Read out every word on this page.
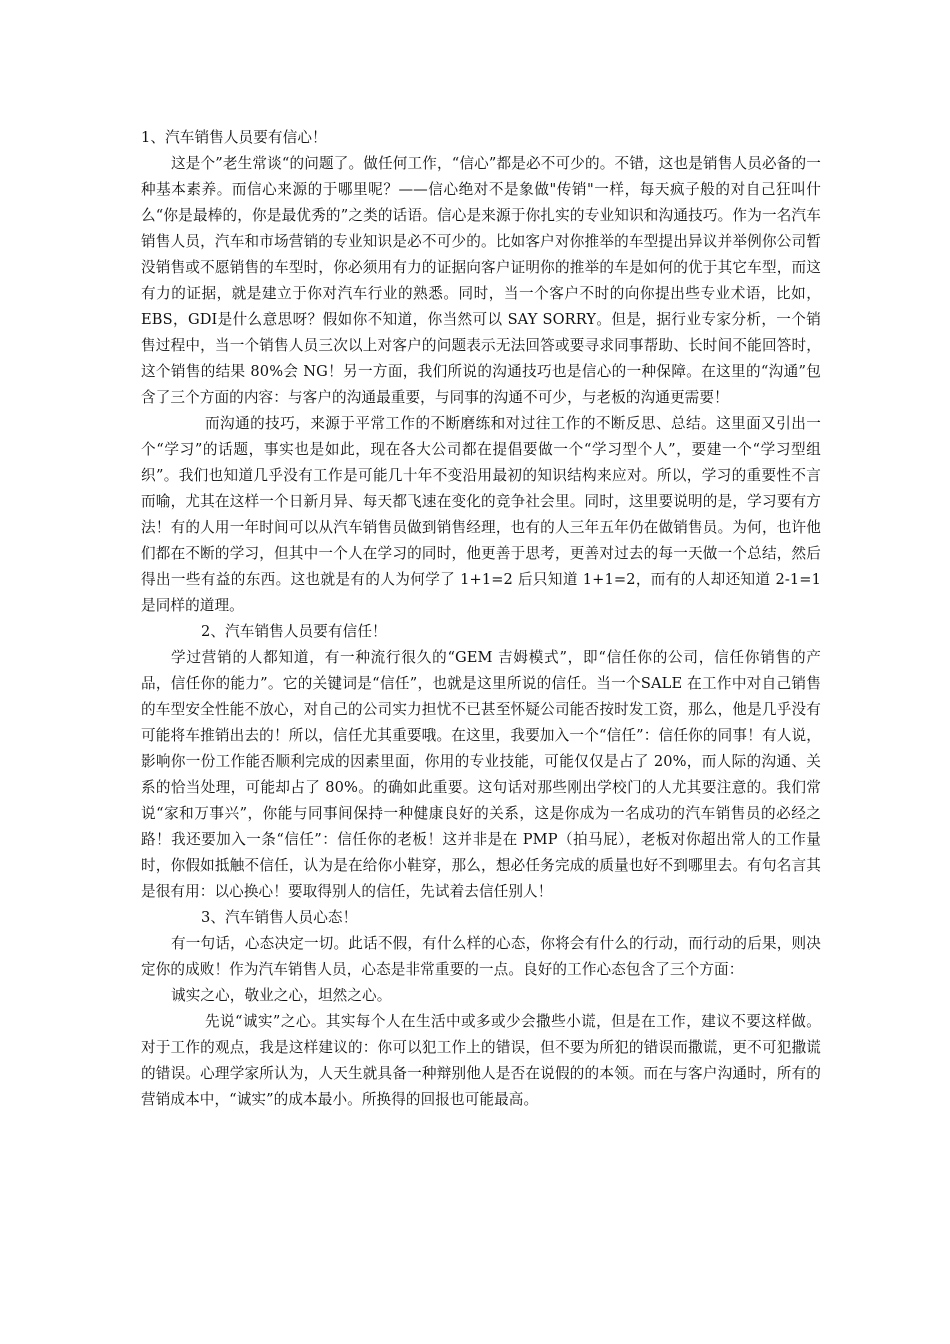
1、汽车销售人员要有信心！

这是个”老生常谈“的问题了。做任何工作，“信心”都是必不可少的。不错，这也是销售人员必备的一种基本素养。而信心来源的于哪里呢？——信心绝对不是象做"传销"一样，每天疯子般的对自己狂叫什么“你是最棒的，你是最优秀的”之类的话语。信心是来源于你扎实的专业知识和沟通技巧。作为一名汽车销售人员，汽车和市场营销的专业知识是必不可少的。比如客户对你推举的车型提出异议并举例你公司暂没销售或不愿销售的车型时，你必须用有力的证据向客户证明你的推举的车是如何的优于其它车型，而这有力的证据，就是建立于你对汽车行业的熟悉。同时，当一个客户不时的向你提出些专业术语，比如，EBS，GDI是什么意思呀？假如你不知道，你当然可以 SAY SORRY。但是，据行业专家分析，一个销售过程中，当一个销售人员三次以上对客户的问题表示无法回答或要寻求同事帮助、长时间不能回答时，这个销售的结果 80%会 NG！另一方面，我们所说的沟通技巧也是信心的一种保障。在这里的“沟通”包含了三个方面的内容：与客户的沟通最重要，与同事的沟通不可少，与老板的沟通更需要！

而沟通的技巧，来源于平常工作的不断磨练和对过往工作的不断反思、总结。这里面又引出一个“学习”的话题，事实也是如此，现在各大公司都在提倡要做一个“学习型个人”，要建一个“学习型组织”。我们也知道几乎没有工作是可能几十年不变沿用最初的知识结构来应对。所以，学习的重要性不言而喻，尤其在这样一个日新月异、每天都飞速在变化的竞争社会里。同时，这里要说明的是，学习要有方法！有的人用一年时间可以从汽车销售员做到销售经理，也有的人三年五年仍在做销售员。为何，也许他们都在不断的学习，但其中一个人在学习的同时，他更善于思考，更善对过去的每一天做一个总结，然后得出一些有益的东西。这也就是有的人为何学了 1+1=2 后只知道 1+1=2，而有的人却还知道 2-1=1 是同样的道理。

2、汽车销售人员要有信任！

学过营销的人都知道，有一种流行很久的“GEM 吉姆模式”，即“信任你的公司，信任你销售的产品，信任你的能力”。它的关键词是“信任”，也就是这里所说的信任。当一个SALE 在工作中对自己销售的车型安全性能不放心，对自己的公司实力担忧不已甚至怀疑公司能否按时发工资，那么，他是几乎没有可能将车推销出去的！所以，信任尤其重要哦。在这里，我要加入一个“信任”：信任你的同事！有人说，影响你一份工作能否顺利完成的因素里面，你用的专业技能，可能仅仅是占了 20%，而人际的沟通、关系的恰当处理，可能却占了 80%。的确如此重要。这句话对那些刚出学校门的人尤其要注意的。我们常说“家和万事兴”，你能与同事间保持一种健康良好的关系，这是你成为一名成功的汽车销售员的必经之路！我还要加入一条“信任”：信任你的老板！这并非是在 PMP（拍马屁），老板对你超出常人的工作量时，你假如抵触不信任，认为是在给你小鞋穿，那么，想必任务完成的质量也好不到哪里去。有句名言其是很有用：以心换心！要取得别人的信任，先试着去信任别人！

3、汽车销售人员心态！

有一句话，心态决定一切。此话不假，有什么样的心态，你将会有什么的行动，而行动的后果，则决定你的成败！作为汽车销售人员，心态是非常重要的一点。良好的工作心态包含了三个方面：

诚实之心，敬业之心，坦然之心。

先说“诚实”之心。其实每个人在生活中或多或少会撒些小谎，但是在工作，建议不要这样做。对于工作的观点，我是这样建议的：你可以犯工作上的错误，但不要为所犯的错误而撒谎，更不可犯撒谎的错误。心理学家所认为，人天生就具备一种辩别他人是否在说假的的本领。而在与客户沟通时，所有的营销成本中，“诚实”的成本最小。所换得的回报也可能最高。
